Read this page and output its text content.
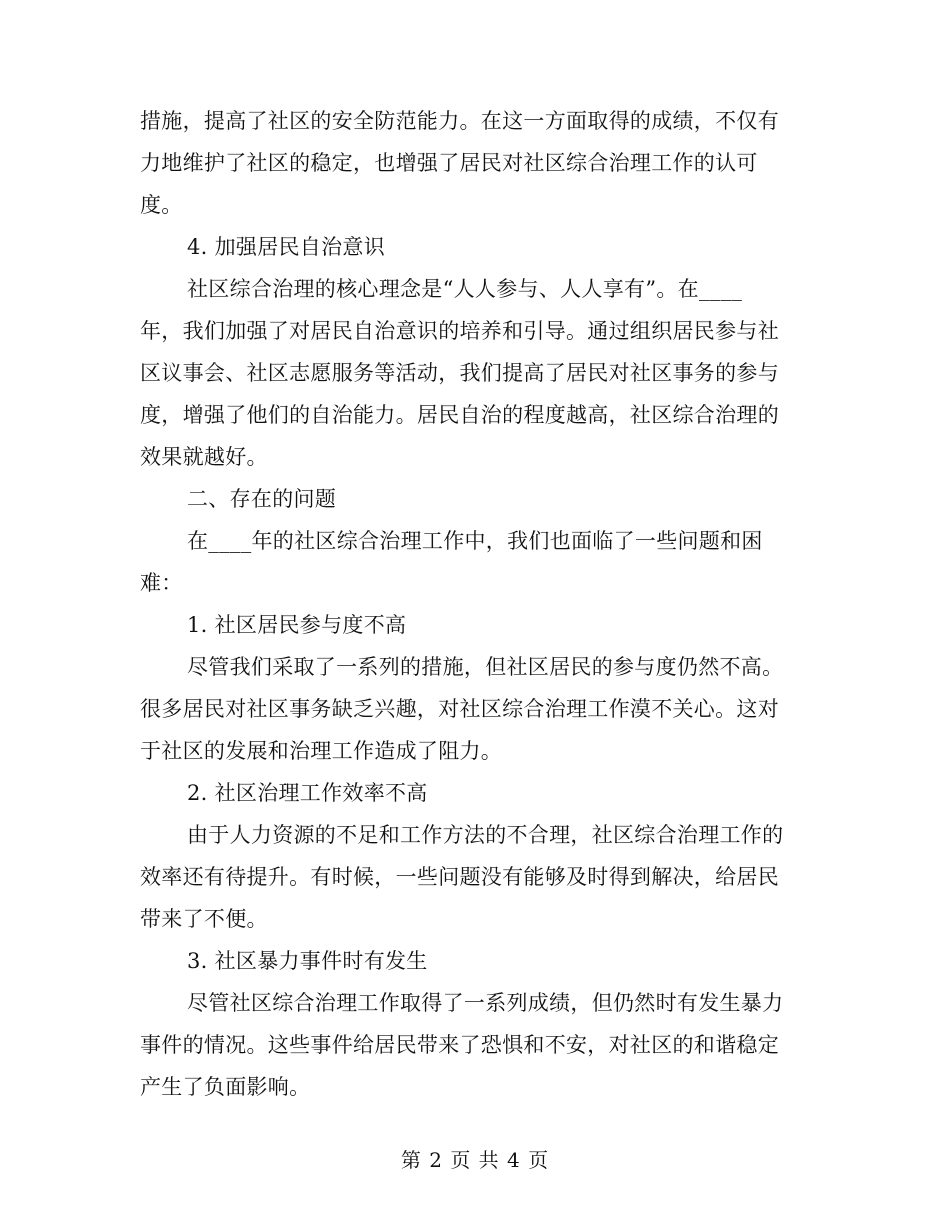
措施，提高了社区的安全防范能力。在这一方面取得的成绩，不仅有
力地维护了社区的稳定，也增强了居民对社区综合治理工作的认可
度。
4. 加强居民自治意识
社区综合治理的核心理念是“人人参与、人人享有”。在____
年，我们加强了对居民自治意识的培养和引导。通过组织居民参与社
区议事会、社区志愿服务等活动，我们提高了居民对社区事务的参与
度，增强了他们的自治能力。居民自治的程度越高，社区综合治理的
效果就越好。
二、存在的问题
在____年的社区综合治理工作中，我们也面临了一些问题和困
难：
1. 社区居民参与度不高
尽管我们采取了一系列的措施，但社区居民的参与度仍然不高。
很多居民对社区事务缺乏兴趣，对社区综合治理工作漠不关心。这对
于社区的发展和治理工作造成了阻力。
2. 社区治理工作效率不高
由于人力资源的不足和工作方法的不合理，社区综合治理工作的
效率还有待提升。有时候，一些问题没有能够及时得到解决，给居民
带来了不便。
3. 社区暴力事件时有发生
尽管社区综合治理工作取得了一系列成绩，但仍然时有发生暴力
事件的情况。这些事件给居民带来了恐惧和不安，对社区的和谐稳定
产生了负面影响。
第 2 页 共 4 页
